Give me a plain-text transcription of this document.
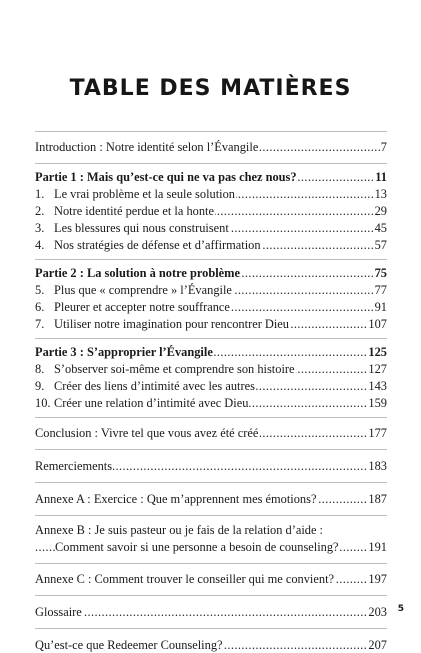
TABLE DES MATIÈRES
Introduction : Notre identité selon l’Évangile	7
.....
Partie 1 : Mais qu’est-ce qui ne va pas chez nous?	11
.....
1. Le vrai problème et la seule solution	13
.....
2. Notre identité perdue et la honte	29
.....
3. Les blessures qui nous construisent	45
.....
4. Nos stratégies de défense et d’affirmation	57
.....
Partie 2 : La solution à notre problème	75
.....
5. Plus que « comprendre » l’Évangile	77
.....
6. Pleurer et accepter notre souffrance	91
.....
7. Utiliser notre imagination pour rencontrer Dieu	107
.....
Partie 3 : S’approprier l’Évangile	125
.....
8. S’observer soi-même et comprendre son histoire	127
.....
9. Créer des liens d’intimité avec les autres	143
.....
10. Créer une relation d’intimité avec Dieu	159
.....
Conclusion : Vivre tel que vous avez été créé	177
.....
Remerciements	183
.....
Annexe A : Exercice : Que m’apprennent mes émotions?	187
.....
Annexe B : Je suis pasteur ou je fais de la relation d’aide :
Comment savoir si une personne a besoin de counseling? 191
.....
Annexe C : Comment trouver le conseiller qui me convient?	197
.....
Glossaire	203
.....
Qu’est-ce que Redeemer Counseling?	207
.....
5
